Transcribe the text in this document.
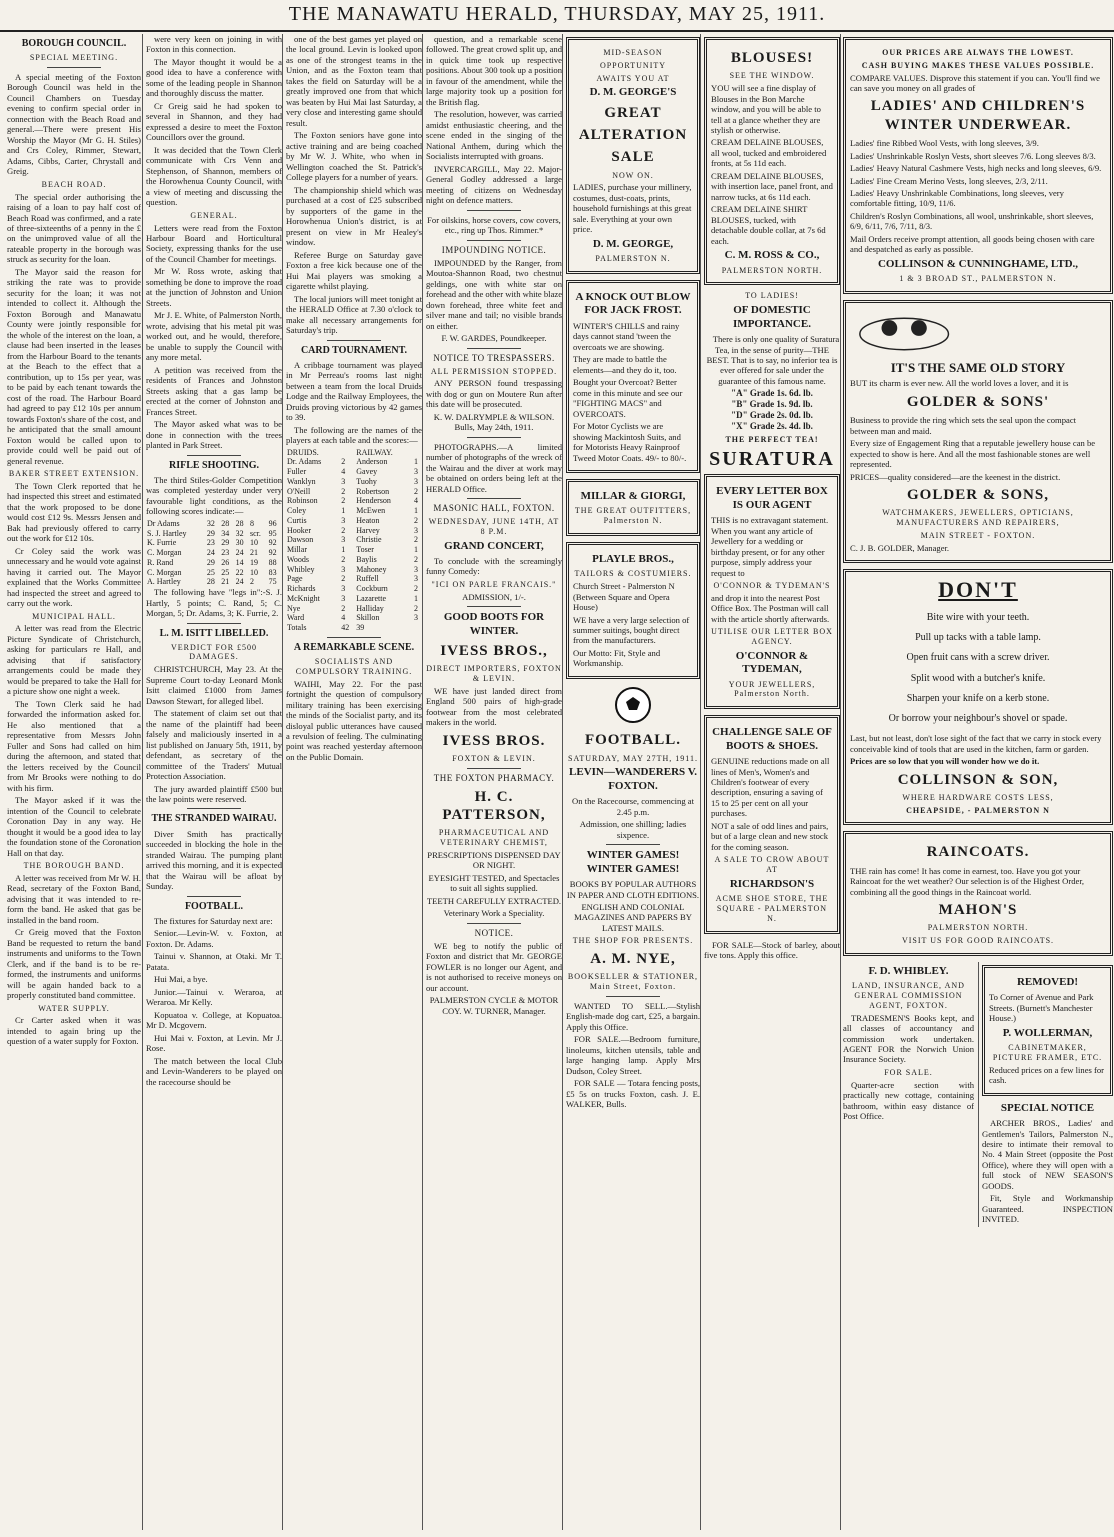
THE MANAWATU HERALD, THURSDAY, MAY 25, 1911.
BOROUGH COUNCIL.
SPECIAL MEETING.

A special meeting of the Foxton Borough Council was held in the Council Chambers on Tuesday evening to confirm special order in connection with the Beach Road and general.—There were present His Worship the Mayor (Mr G. H. Stiles) and Crs Coley, Rimmer, Stewart, Adams, Cibbs, Carter, Chrystall and Greig.

BEACH ROAD.

The special order authorising the raising of a loan to pay half cost of Beach Road was confirmed, and a rate of three-sixteenths of a penny in the £ on the unimproved value of all the rateable property in the borough was struck as security for the loan.

The Mayor said the reason for striking the rate was to provide security for the loan; it was not intended to collect it. Although the Foxton Borough and Manawatu County were jointly responsible for the whole of the interest on the loan, a clause had been inserted in the leases from the Harbour Board to the tenants at the Beach to the effect that a contribution, up to 15s per year, was to be paid by each tenant towards the cost of the road. The Harbour Board had agreed to pay £12 10s per annum towards Foxton's share of the cost, and he anticipated that the small amount Foxton would be called upon to provide could well be paid out of general revenue.

BAKER STREET EXTENSION.

The Town Clerk reported that he had inspected this street and estimated that the work proposed to be done would cost £12 9s. Messrs Jensen and Bak had previously offered to carry out the work for £12 10s.

Cr Coley said the work was unnecessary and he would vote against having it carried out. The Mayor explained that the Works Committee had inspected the street and agreed to carry out the work.

MUNICIPAL HALL.

A letter was read from the Electric Picture Syndicate of Christchurch, asking for particulars re Hall, and advising that if satisfactory arrangements could be made they would be prepared to take the Hall for a picture show one night a week.

The Town Clerk said he had forwarded the information asked for. He also mentioned that a representative from Messrs John Fuller and Sons had called on him during the afternoon, and stated that the letters received by the Council from Mr Brooks were nothing to do with his firm.

The Mayor asked if it was the intention of the Council to celebrate Coronation Day in any way. He thought it would be a good idea to lay the foundation stone of the Coronation Hall on that day.

THE BOROUGH BAND.

A letter was received from Mr W. H. Read, secretary of the Foxton Band, advising that it was intended to re-form the band. He asked that gas be installed in the band room.

Cr Greig moved that the Foxton Band be requested to return the band instruments and uniforms to the Town Clerk, and if the band is to be re-formed, the instruments and uniforms will be again handed back to a properly constituted band committee.

WATER SUPPLY.

Cr Carter asked when it was intended to again bring up the question of a water supply for Foxton.

were very keen on joining in with Foxton in this connection.

The Mayor thought it would be a good idea to have a conference with some of the leading people in Shannon and thoroughly discuss the matter.

Cr Greig said he had spoken to several in Shannon, and they had expressed a desire to meet the Foxton Councillors over the ground.

It was decided that the Town Clerk communicate with Crs Venn and Stephenson, of Shannon, members of the Horowhenua County Council, with a view of meeting and discussing the question.

GENERAL.

Letters were read from the Foxton Harbour Board and Horticultural Society, expressing thanks for the use of the Council Chamber for meetings.

Mr W. Ross wrote, asking that something be done to improve the road at the junction of Johnston and Union Streets.

Mr J. E. White, of Palmerston North, wrote, advising that his metal pit was worked out, and he would, therefore, be unable to supply the Council with any more metal.

A petition was received from the residents of Frances and Johnston Streets asking that a gas lamp be erected at the corner of Johnston and Frances Street.

The Mayor asked what was to be done in connection with the trees planted in Park Street.

RIFLE SHOOTING.

The third Stiles-Golder Competition was completed yesterday under very favourable light conditions, as the following scores indicate:—

Dr Adams	32	28	28	8	96
S. J. Hartley	29	34	32	scr.	95
K. Furrie	23	29	30	10	92
C. Morgan	24	23	24	21	92
R. Rand	29	26	14	19	88
C. Morgan	25	25	22	10	83
A. Hartley	28	21	24	2	75

The following have "legs in":-S. J. Hartly, 5 points; C. Rand, 5; C. Morgan, 5; Dr. Adams, 3; K. Furrie, 2.

L. M. ISITT LIBELLED.
VERDICT FOR £500 DAMAGES.

CHRISTCHURCH, May 23. At the Supreme Court to-day Leonard Monk Isitt claimed £1000 from James Dawson Stewart, for alleged libel.

The statement of claim set out that the name of the plaintiff had been falsely and maliciously inserted in a list published on January 5th, 1911, by defendant, as secretary of the committee of the Traders' Mutual Protection Association.

The jury awarded plaintiff £500 but the law points were reserved.

THE STRANDED WAIRAU.

Diver Smith has practically succeeded in blocking the hole in the stranded Wairau. The pumping plant arrived this morning, and it is expected that the Wairau will be afloat by Sunday.

FOOTBALL.

The fixtures for Saturday next are:

Senior.—Levin-W. v. Foxton, at Foxton. Dr. Adams.

Tainui v. Shannon, at Otaki. Mr T. Patata.

Hui Mai, a bye.

Junior.—Tainui v. Weraroa, at Weraroa. Mr Kelly.

Kopuatoa v. College, at Kopuatoa. Mr D. Mcgovern.

Hui Mai v. Foxton, at Levin. Mr J. Rose.

The match between the local Club and Levin-Wanderers to be played on the racecourse should be

one of the best games yet played on the local ground. Levin is looked upon as one of the strongest teams in the Union, and as the Foxton team that takes the field on Saturday will be a greatly improved one from that which was beaten by Hui Mai last Saturday, a very close and interesting game should result.

The Foxton seniors have gone into active training and are being coached by Mr W. J. White, who when in Wellington coached the St. Patrick's College players for a number of years.

The championship shield which was purchased at a cost of £25 subscribed by supporters of the game in the Horowhenua Union's district, is at present on view in Mr Healey's window.

Referee Burge on Saturday gave Foxton a free kick because one of the Hui Mai players was smoking a cigarette whilst playing.

The local juniors will meet tonight at the HERALD Office at 7.30 o'clock to make all necessary arrangements for Saturday's trip.

CARD TOURNAMENT.

A cribbage tournament was played in Mr Perreau's rooms last night between a team from the local Druids Lodge and the Railway Employees, the Druids proving victorious by 42 games to 39.

The following are the names of the players at each table and the scores:—

DRUIDS.		RAILWAY.	
Dr. Adams	2	Anderson	1
Fuller	4	Gavey	3
Wanklyn	3	Tuohy	3
O'Neill	2	Robertson	2
Robinson	2	Henderson	4
Coley	1	McEwen	1
Curtis	3	Heaton	2
Hooker	2	Harvey	3
Dawson	3	Christie	2
Millar	1	Toser	1
Woods	2	Baylis	2
Whibley	3	Mahoney	3
Page	2	Ruffell	3
Richards	3	Cockburn	2
McKnight	3	Lazarette	1
Nye	2	Halliday	2
Ward	4	Skillon	3
Totals	42	39	
A REMARKABLE SCENE.
SOCIALISTS AND COMPULSORY TRAINING.

WAIHI, May 22. For the past fortnight the question of compulsory military training has been exercising the minds of the Socialist party, and its disloyal public utterances have caused a revulsion of feeling. The culminating point was reached yesterday afternoon on the Public Domain.

question, and a remarkable scene followed. The great crowd split up, and in quick time took up respective positions. About 300 took up a position in favour of the amendment, while the large majority took up a position for the British flag.

The resolution, however, was carried amidst enthusiastic cheering, and the scene ended in the singing of the National Anthem, during which the Socialists interrupted with groans.

INVERCARGILL, May 22. Major-General Godley addressed a large meeting of citizens on Wednesday night on defence matters.

For oilskins, horse covers, cow covers, etc., ring up Thos. Rimmer.*

IMPOUNDING NOTICE.

IMPOUNDED by the Ranger, from Moutoa-Shannon Road, two chestnut geldings, one with white star on forehead and the other with white blaze down forehead, three white feet and silver mane and tail; no visible brands on either.

F. W. GARDES, Poundkeeper.

NOTICE TO TRESPASSERS.
ALL PERMISSION STOPPED.

ANY PERSON found trespassing with dog or gun on Moutere Run after this date will be prosecuted.

K. W. DALRYMPLE & WILSON. Bulls, May 24th, 1911.

PHOTOGRAPHS.—A limited number of photographs of the wreck of the Wairau and the diver at work may be obtained on orders being left at the HERALD Office.

MASONIC HALL, FOXTON.
WEDNESDAY, JUNE 14TH, AT 8 P.M.
GRAND CONCERT,

To conclude with the screamingly funny Comedy:

"ICI ON PARLE FRANCAIS."

ADMISSION, 1/-.

GOOD BOOTS FOR WINTER.
IVESS BROS.,
DIRECT IMPORTERS, FOXTON & LEVIN.

WE have just landed direct from England 500 pairs of high-grade footwear from the most celebrated makers in the world.

IVESS BROS.
FOXTON & LEVIN.
THE FOXTON PHARMACY.
H. C. PATTERSON,
PHARMACEUTICAL AND VETERINARY CHEMIST,

PRESCRIPTIONS DISPENSED DAY OR NIGHT.

EYESIGHT TESTED, and Spectacles to suit all sights supplied.

TEETH CAREFULLY EXTRACTED.

Veterinary Work a Speciality.

NOTICE.

WE beg to notify the public of Foxton and district that Mr. GEORGE FOWLER is no longer our Agent, and is not authorised to receive moneys on our account.

PALMERSTON CYCLE & MOTOR COY. W. TURNER, Manager.

MID-SEASON
OPPORTUNITY
AWAITS YOU AT
D. M. GEORGE'S
GREAT
ALTERATION
SALE
NOW ON.

LADIES, purchase your millinery, costumes, dust-coats, prints, household furnishings at this great sale. Everything at your own price.

D. M. GEORGE,
PALMERSTON N.
A KNOCK OUT BLOW FOR JACK FROST.

WINTER'S CHILLS and rainy days cannot stand 'tween the overcoats we are showing.

They are made to battle the elements—and they do it, too.

Bought your Overcoat? Better come in this minute and see our "FIGHTING MACS" and OVERCOATS.

For Motor Cyclists we are showing Mackintosh Suits, and for Motorists Heavy Rainproof Tweed Motor Coats. 49/- to 80/-.

MILLAR & GIORGI,
THE GREAT OUTFITTERS, Palmerston N.
PLAYLE BROS.,
TAILORS & COSTUMIERS.

Church Street - Palmerston N (Between Square and Opera House)

WE have a very large selection of summer suitings, bought direct from the manufacturers.

Our Motto: Fit, Style and Workmanship.

FOOTBALL.
SATURDAY, MAY 27TH, 1911.
LEVIN—WANDERERS V. FOXTON.

On the Racecourse, commencing at 2.45 p.m.

Admission, one shilling; ladies sixpence.

WINTER GAMES! WINTER GAMES!

BOOKS BY POPULAR AUTHORS IN PAPER AND CLOTH EDITIONS.

ENGLISH AND COLONIAL MAGAZINES AND PAPERS BY LATEST MAILS.

THE SHOP FOR PRESENTS.
A. M. NYE,
BOOKSELLER & STATIONER, Main Street, Foxton.

WANTED TO SELL.—Stylish English-made dog cart, £25, a bargain. Apply this Office.

FOR SALE.—Bedroom furniture, linoleums, kitchen utensils, table and large hanging lamp. Apply Mrs Dudson, Coley Street.

FOR SALE — Totara fencing posts, £5 5s on trucks Foxton, cash. J. E. WALKER, Bulls.

BLOUSES!
SEE THE WINDOW.

YOU will see a fine display of Blouses in the Bon Marche window, and you will be able to tell at a glance whether they are stylish or otherwise.

CREAM DELAINE BLOUSES, all wool, tucked and embroidered fronts, at 5s 11d each.

CREAM DELAINE BLOUSES, with insertion lace, panel front, and narrow tucks, at 6s 11d each.

CREAM DELAINE SHIRT BLOUSES, tucked, with detachable double collar, at 7s 6d each.

C. M. ROSS & CO.,
PALMERSTON NORTH.
TO LADIES!
OF DOMESTIC IMPORTANCE.

There is only one quality of Suratura Tea, in the sense of purity—THE BEST. That is to say, no inferior tea is ever offered for sale under the guarantee of this famous name.

"A" Grade 1s. 6d. lb.
"B" Grade 1s. 9d. lb.
"D" Grade 2s. 0d. lb.
"X" Grade 2s. 4d. lb.
THE PERFECT TEA!
SURATURA
EVERY LETTER BOX IS OUR AGENT

THIS is no extravagant statement. When you want any article of Jewellery for a wedding or birthday present, or for any other purpose, simply address your request to

O'CONNOR & TYDEMAN'S

and drop it into the nearest Post Office Box. The Postman will call with the article shortly afterwards.

UTILISE OUR LETTER BOX AGENCY.
O'CONNOR & TYDEMAN,
YOUR JEWELLERS, Palmerston North.
CHALLENGE SALE OF BOOTS & SHOES.

GENUINE reductions made on all lines of Men's, Women's and Children's footwear of every description, ensuring a saving of 15 to 25 per cent on all your purchases.

NOT a sale of odd lines and pairs, but of a large clean and new stock for the coming season.

A SALE TO CROW ABOUT AT
RICHARDSON'S
ACME SHOE STORE, THE SQUARE - PALMERSTON N.

FOR SALE—Stock of barley, about five tons. Apply this office.

OUR PRICES ARE ALWAYS THE LOWEST.
CASH BUYING MAKES THESE VALUES POSSIBLE.

COMPARE VALUES. Disprove this statement if you can. You'll find we can save you money on all grades of

LADIES' AND CHILDREN'S WINTER UNDERWEAR.

Ladies' fine Ribbed Wool Vests, with long sleeves, 3/9.

Ladies' Unshrinkable Roslyn Vests, short sleeves 7/6. Long sleeves 8/3.

Ladies' Heavy Natural Cashmere Vests, high necks and long sleeves, 6/9.

Ladies' Fine Cream Merino Vests, long sleeves, 2/3, 2/11.

Ladies' Heavy Unshrinkable Combinations, long sleeves, very comfortable fitting, 10/9, 11/6.

Children's Roslyn Combinations, all wool, unshrinkable, short sleeves, 6/9, 6/11, 7/6, 7/11, 8/3.

Mail Orders receive prompt attention, all goods being chosen with care and despatched as early as possible.

COLLINSON & CUNNINGHAME, LTD.,
1 & 3 BROAD ST., PALMERSTON N.
IT'S THE SAME OLD STORY

BUT its charm is ever new. All the world loves a lover, and it is

GOLDER & SONS'

Business to provide the ring which sets the seal upon the compact between man and maid.

Every size of Engagement Ring that a reputable jewellery house can be expected to show is here. And all the most fashionable stones are well represented.

PRICES—quality considered—are the keenest in the district.

GOLDER & SONS,
WATCHMAKERS, JEWELLERS, OPTICIANS, MANUFACTURERS AND REPAIRERS,
MAIN STREET - FOXTON.

C. J. B. GOLDER, Manager.

DON'T
Bite wire with your teeth.
Pull up tacks with a table lamp.
Open fruit cans with a screw driver.
Split wood with a butcher's knife.
Sharpen your knife on a kerb stone.
Or borrow your neighbour's shovel or spade.

Last, but not least, don't lose sight of the fact that we carry in stock every conceivable kind of tools that are used in the kitchen, farm or garden.

Prices are so low that you will wonder how we do it.

COLLINSON & SON,
WHERE HARDWARE COSTS LESS,
CHEAPSIDE, - PALMERSTON N
RAINCOATS.

THE rain has come! It has come in earnest, too. Have you got your Raincoat for the wet weather? Our selection is of the Highest Order, combining all the good things in the Raincoat world.

MAHON'S
PALMERSTON NORTH.
VISIT US FOR GOOD RAINCOATS.
F. D. WHIBLEY.
LAND, INSURANCE, AND GENERAL COMMISSION AGENT, FOXTON.

TRADESMEN'S Books kept, and all classes of accountancy and commission work undertaken. AGENT FOR the Norwich Union Insurance Society.

FOR SALE.

Quarter-acre section with practically new cottage, containing bathroom, within easy distance of Post Office.

REMOVED!

To Corner of Avenue and Park Streets. (Burnett's Manchester House.)

P. WOLLERMAN,
CABINETMAKER, PICTURE FRAMER, ETC.

Reduced prices on a few lines for cash.

SPECIAL NOTICE

ARCHER BROS., Ladies' and Gentlemen's Tailors, Palmerston N., desire to intimate their removal to No. 4 Main Street (opposite the Post Office), where they will open with a full stock of NEW SEASON'S GOODS.

Fit, Style and Workmanship Guaranteed. INSPECTION INVITED.
